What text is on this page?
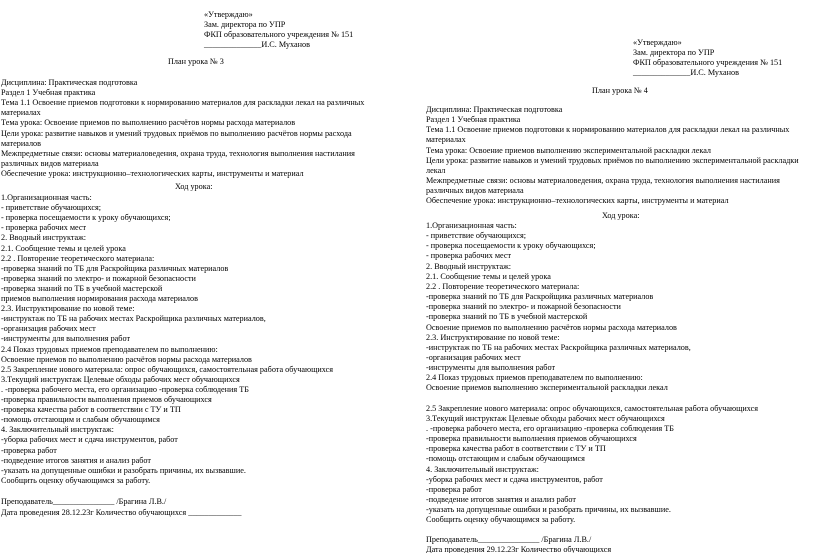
«Утверждаю»
Зам. директора по УПР
ФКП образовательного учреждения № 151
______________И.С. Муханов
План урока № 3
Дисциплина: Практическая подготовка
Раздел 1 Учебная практика
Тема 1.1 Освоение приемов подготовки к нормированию материалов для раскладки лекал на различных
материалах
Тема урока: Освоение приемов по выполнению расчётов нормы расхода материалов
Цели урока: развитие навыков и умений трудовых приёмов по выполнению расчётов нормы расхода
материалов
Межпредметные связи: основы материаловедения, охрана труда, технология выполнения настилания
различных видов материала
Обеспечение урока: инструкционно–технологических карты, инструменты и материал
Ход урока:
1.Организационная часть:
- приветствие обучающихся;
- проверка посещаемости к уроку обучающихся;
- проверка рабочих мест
2. Вводный инструктаж:
2.1. Сообщение темы и целей урока
2.2 . Повторение теоретического материала:
-проверка знаний по ТБ для Раскройщика различных материалов
-проверка знаний по электро- и пожарной безопасности
-проверка знаний по ТБ в учебной мастерской
приемов выполнения нормирования расхода материалов
2.3. Инструктирование по новой теме:
-инструктаж по ТБ на рабочих местах Раскройщика различных материалов,
-организация рабочих мест
-инструменты для выполнения работ
2.4 Показ трудовых приемов преподавателем по выполнению:
Освоение приемов по выполнению расчётов нормы расхода материалов
2.5 Закрепление нового материала: опрос обучающихся, самостоятельная работа обучающихся
3.Текущий инструктаж Целевые обходы рабочих мест обучающихся
. -проверка рабочего места, его организацию -проверка соблюдения ТБ
-проверка правильности выполнения приемов обучающихся
-проверка качества работ в соответствии с ТУ и ТП
-помощь отстающим и слабым обучающимся
4. Заключительный инструктаж:
-уборка рабочих мест и сдача инструментов, работ
-проверка работ
-подведение итогов занятия и анализ работ
-указать на допущенные ошибки и разобрать причины, их вызвавшие.
Сообщить оценку обучающимся за работу.
Преподаватель_______________ /Брагина Л.В./
Дата проведения 28.12.23г Количество обучающихся _____________
«Утверждаю»
Зам. директора по УПР
ФКП образовательного учреждения № 151
______________И.С. Муханов
План урока № 4
Дисциплина: Практическая подготовка
Раздел 1 Учебная практика
Тема 1.1 Освоение приемов подготовки к нормированию материалов для раскладки лекал на различных
материалах
Тема урока: Освоение приемов выполнению экспериментальной раскладки лекал
Цели урока: развитие навыков и умений трудовых приёмов по выполнению экспериментальной раскладки
лекал
Межпредметные связи: основы материаловедения, охрана труда, технология выполнения настилания
различных видов материала
Обеспечение урока: инструкционно–технологических карты, инструменты и материал
Ход урока:
1.Организационная часть:
- приветствие обучающихся;
- проверка посещаемости к уроку обучающихся;
- проверка рабочих мест
2. Вводный инструктаж:
2.1. Сообщение темы и целей урока
2.2 . Повторение теоретического материала:
-проверка знаний по ТБ для Раскройщика различных материалов
-проверка знаний по электро- и пожарной безопасности
-проверка знаний по ТБ в учебной мастерской
Освоение приемов по выполнению расчётов нормы расхода материалов
2.3. Инструктирование по новой теме:
-инструктаж по ТБ на рабочих местах Раскройщика различных материалов,
-организация рабочих мест
-инструменты для выполнения работ
2.4 Показ трудовых приемов преподавателем по выполнению:
Освоение приемов выполнению экспериментальной раскладки лекал
2.5 Закрепление нового материала: опрос обучающихся, самостоятельная работа обучающихся
3.Текущий инструктаж Целевые обходы рабочих мест обучающихся
. -проверка рабочего места, его организацию -проверка соблюдения ТБ
-проверка правильности выполнения приемов обучающихся
-проверка качества работ в соответствии с ТУ и ТП
-помощь отстающим и слабым обучающимся
4. Заключительный инструктаж:
-уборка рабочих мест и сдача инструментов, работ
-проверка работ
-подведение итогов занятия и анализ работ
-указать на допущенные ошибки и разобрать причины, их вызвавшие.
Сообщить оценку обучающимся за работу.
Преподаватель_______________ /Брагина Л.В./
Дата проведения 29.12.23г Количество обучающихся
